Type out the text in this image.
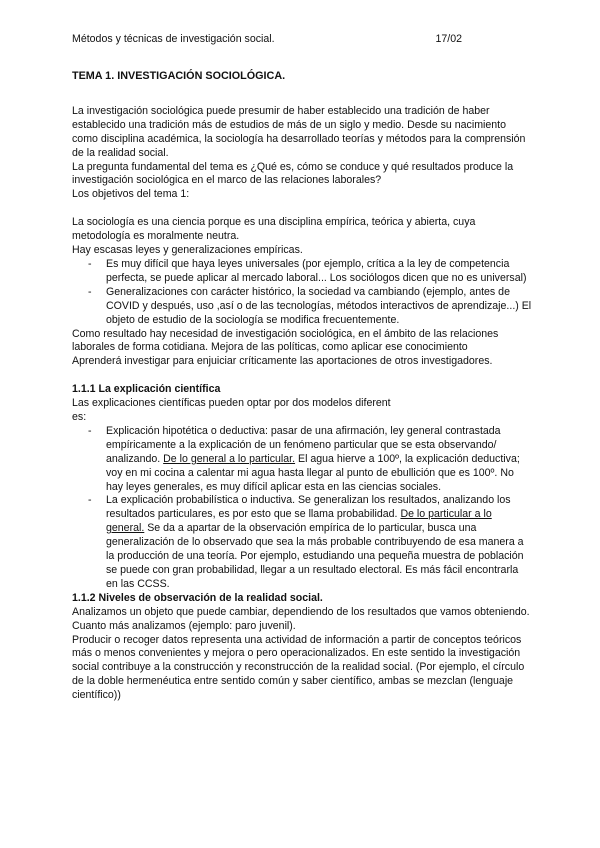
Métodos y técnicas de investigación social.	17/02

TEMA 1. INVESTIGACIÓN SOCIOLÓGICA.

La investigación sociológica puede presumir de haber establecido una tradición de haber establecido una tradición más de estudios de más de un siglo y medio. Desde su nacimiento como disciplina académica, la sociología ha desarrollado teorías y métodos para la comprensión de la realidad social.

La pregunta fundamental del tema es ¿Qué es, cómo se conduce y qué resultados produce la investigación sociológica en el marco de las relaciones laborales?

Los objetivos del tema 1:

La sociología es una ciencia porque es una disciplina empírica, teórica y abierta, cuya metodología es moralmente neutra.

Hay escasas leyes y generalizaciones empíricas.

- Es muy difícil que haya leyes universales (por ejemplo, crítica a la ley de competencia perfecta, se puede aplicar al mercado laboral... Los sociólogos dicen que no es universal)
- Generalizaciones con carácter histórico, la sociedad va cambiando (ejemplo, antes de COVID y después, uso ,así o de las tecnologías, métodos interactivos de aprendizaje...) El objeto de estudio de la sociología se modifica frecuentemente.

Como resultado hay necesidad de investigación sociológica, en el ámbito de las relaciones laborales de forma cotidiana. Mejora de las políticas, como aplicar ese conocimiento

Aprenderá investigar para enjuiciar críticamente las aportaciones de otros investigadores.

1.1.1 La explicación científica

Las explicaciones científicas pueden optar por dos modelos diferent
es:

- Explicación hipotética o deductiva: pasar de una afirmación, ley general contrastada empíricamente a la explicación de un fenómeno particular que se esta observando/ analizando. De lo general a lo particular. El agua hierve a 100º, la explicación deductiva; voy en mi cocina a calentar mi agua hasta llegar al punto de ebullición que es 100º. No hay leyes generales, es muy difícil aplicar esta en las ciencias sociales.
- La explicación probabilística o inductiva. Se generalizan los resultados, analizando los resultados particulares, es por esto que se llama probabilidad. De lo particular a lo general. Se da a apartar de la observación empírica de lo particular, busca una generalización de lo observado que sea la más probable contribuyendo de esa manera a la producción de una teoría. Por ejemplo, estudiando una pequeña muestra de población se puede con gran probabilidad, llegar a un resultado electoral. Es más fácil encontrarla en las CCSS.

1.1.2 Niveles de observación de la realidad social.

Analizamos un objeto que puede cambiar, dependiendo de los resultados que vamos obteniendo. Cuanto más analizamos (ejemplo: paro juvenil).

Producir o recoger datos representa una actividad de información a partir de conceptos teóricos más o menos convenientes y mejora o pero operacionalizados. En este sentido la investigación social contribuye a la construcción y reconstrucción de la realidad social. (Por ejemplo, el círculo de la doble hermenéutica entre sentido común y saber científico, ambas se mezclan (lenguaje científico))
